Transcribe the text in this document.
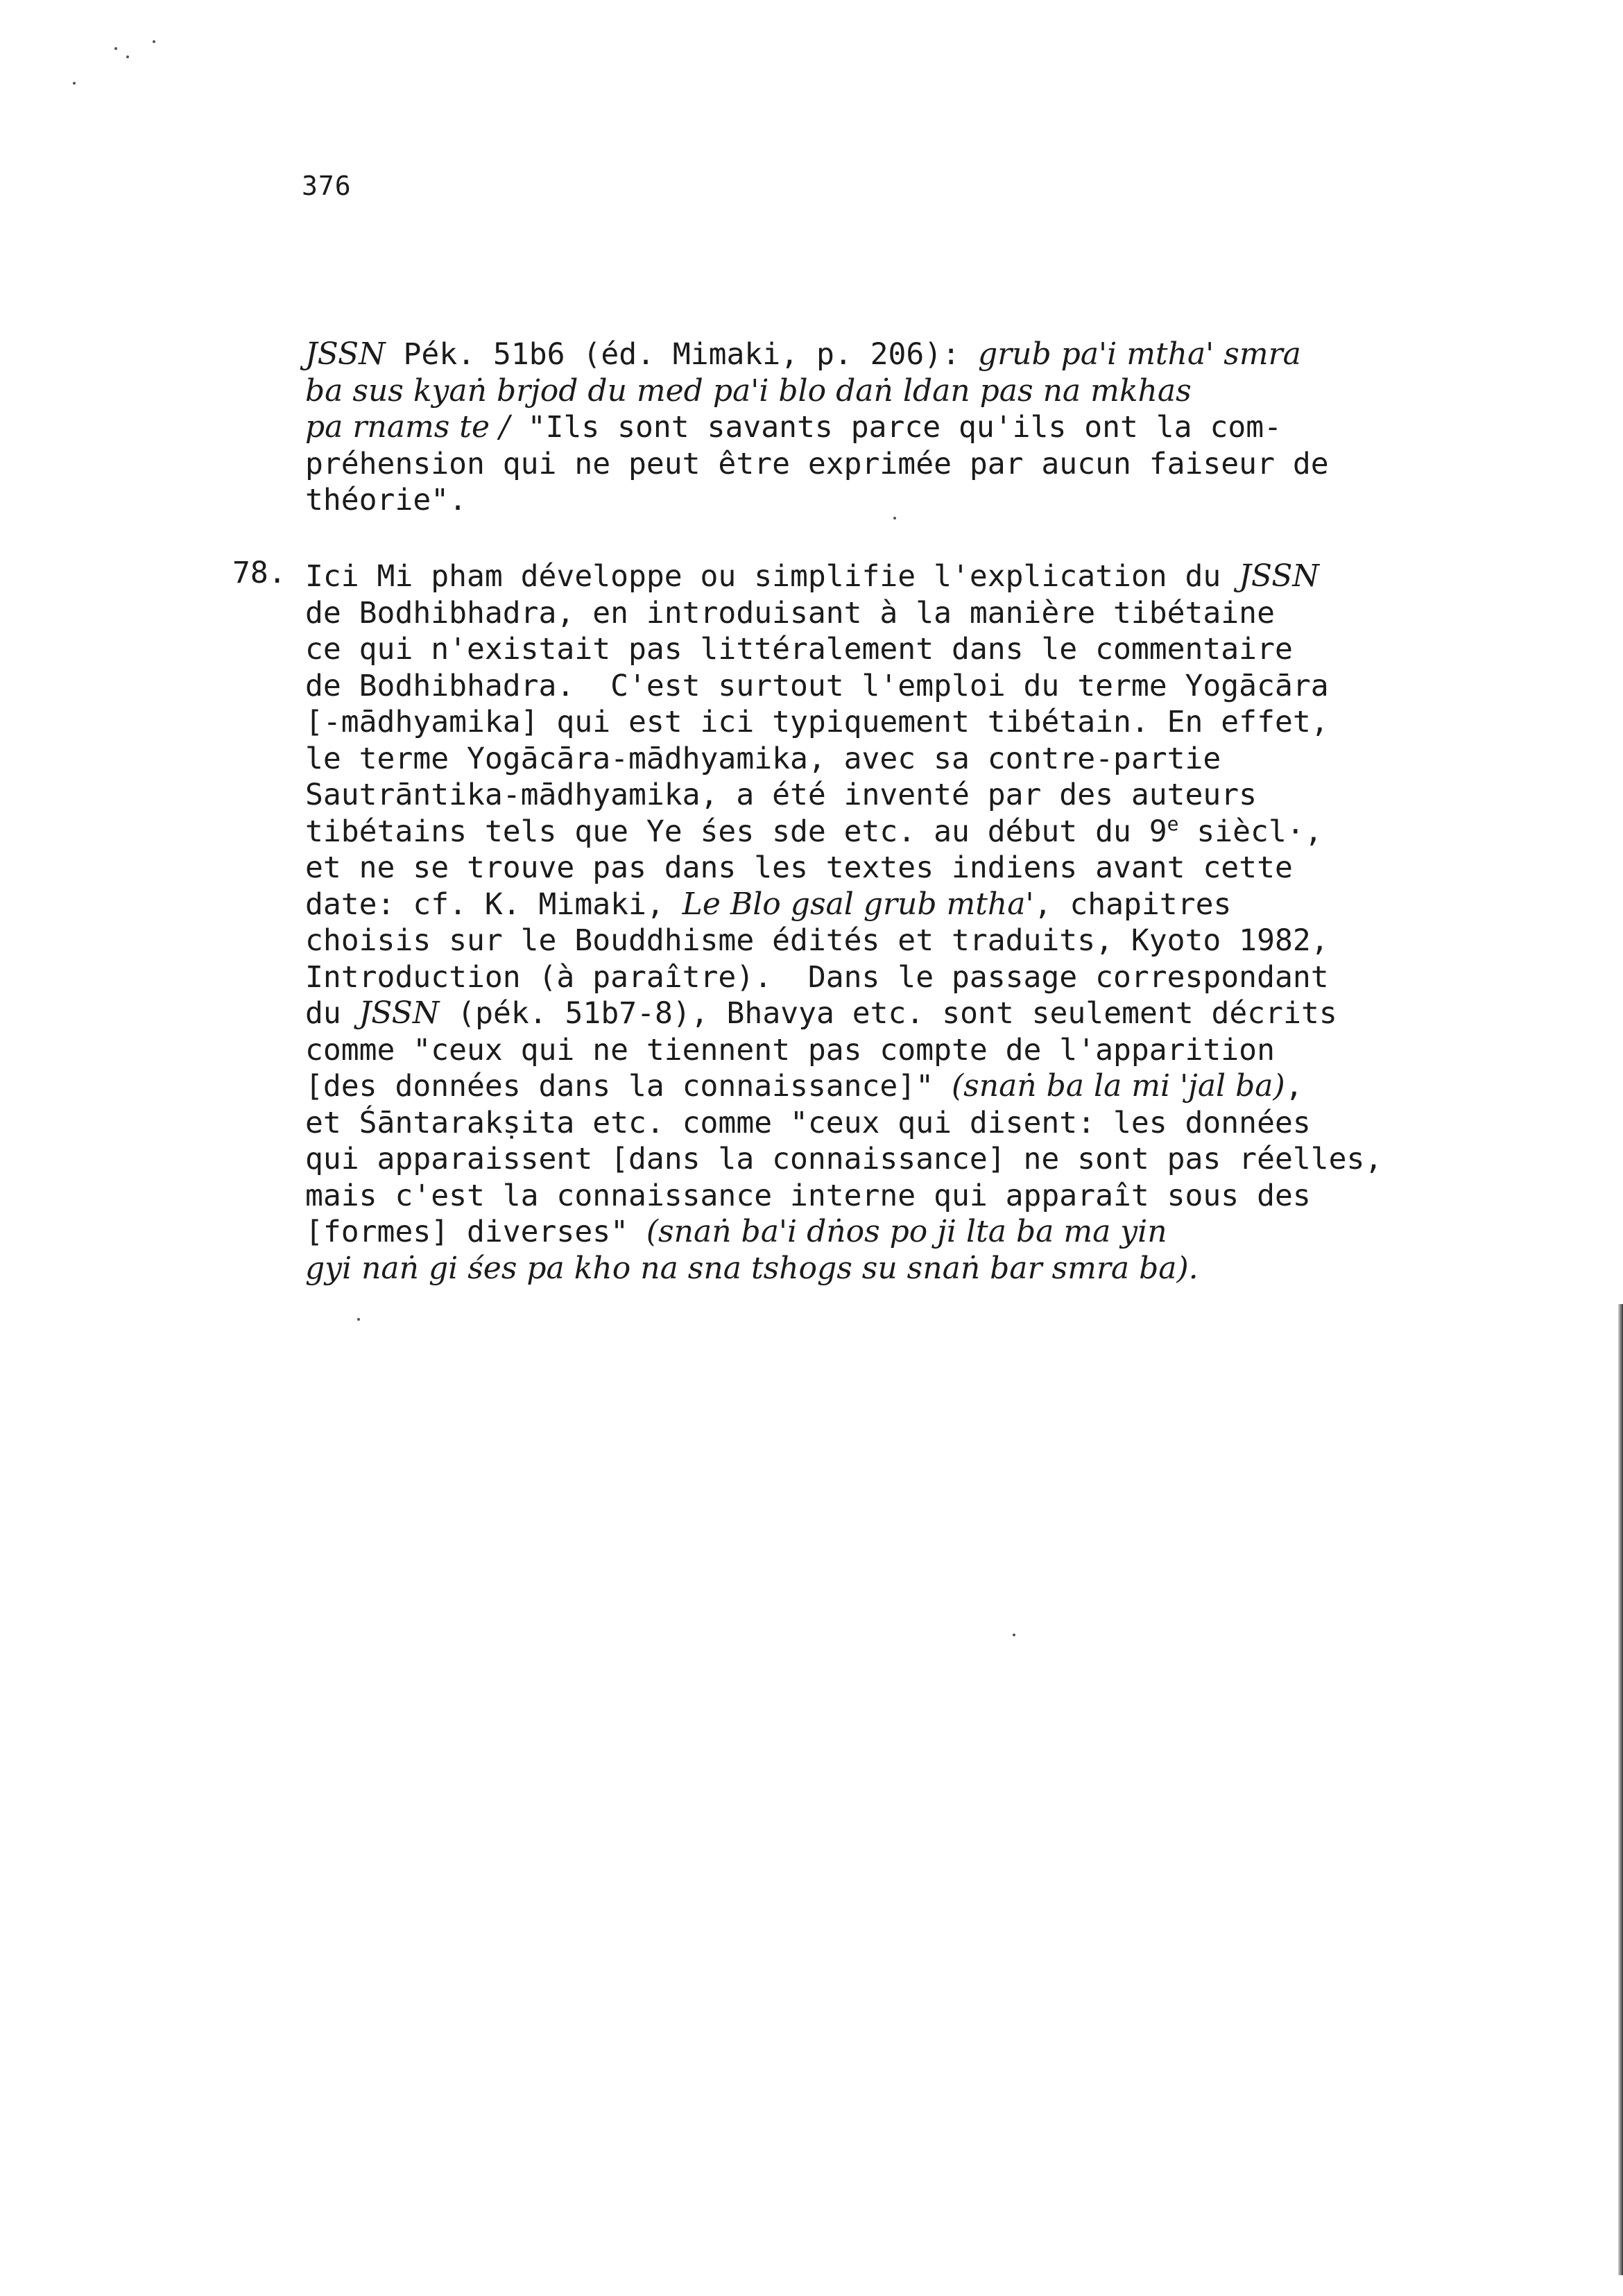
376
JSSN Pék. 51b6 (éd. Mimaki, p. 206): grub pa'i mtha' smra
ba sus kyaṅ brjod du med pa'i blo daṅ ldan pas na mkhas
pa rnams te / "Ils sont savants parce qu'ils ont la com-
préhension qui ne peut être exprimée par aucun faiseur de
théorie".
78. Ici Mi pham développe ou simplifie l'explication du JSSN
de Bodhibhadra, en introduisant à la manière tibétaine
ce qui n'existait pas littéralement dans le commentaire
de Bodhibhadra.  C'est surtout l'emploi du terme Yogācāra
[-mādhyamika] qui est ici typiquement tibétain. En effet,
le terme Yogācāra-mādhyamika, avec sa contre-partie
Sautrāntika-mādhyamika, a été inventé par des auteurs
tibétains tels que Ye śes sde etc. au début du 9e siècl·,
et ne se trouve pas dans les textes indiens avant cette
date: cf. K. Mimaki, Le Blo gsal grub mtha', chapitres
choisis sur le Bouddhisme édités et traduits, Kyoto 1982,
Introduction (à paraître).  Dans le passage correspondant
du JSSN (pék. 51b7-8), Bhavya etc. sont seulement décrits
comme "ceux qui ne tiennent pas compte de l'apparition
[des données dans la connaissance]" (snaṅ ba la mi 'jal ba),
et Śāntarakṣita etc. comme "ceux qui disent: les données
qui apparaissent [dans la connaissance] ne sont pas réelles,
mais c'est la connaissance interne qui apparaît sous des
[formes] diverses" (snaṅ ba'i dṅos po ji lta ba ma yin
gyi naṅ gi śes pa kho na sna tshogs su snaṅ bar smra ba).
